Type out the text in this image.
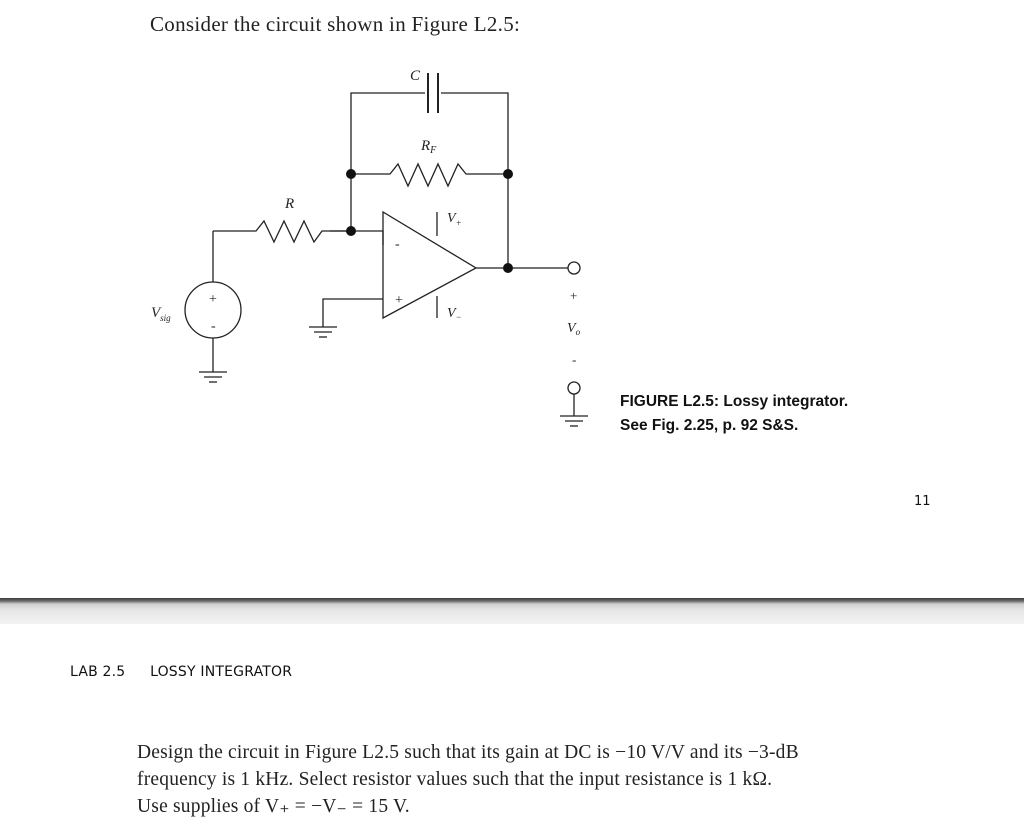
Consider the circuit shown in Figure L2.5:
C
$R_F$
R
$V_{sig}$
+
-
-
+
$V_+$
$V_-$
+
$V_o$
-
FIGURE L2.5: Lossy integrator.
See Fig. 2.25, p. 92 S&S.
11
LAB 2.5 LOSSY INTEGRATOR
Design the circuit in Figure L2.5 such that its gain at DC is −10 V/V and its −3-dB
frequency is 1 kHz. Select resistor values such that the input resistance is 1 kΩ.
Use supplies of V₊ = −V₋ = 15 V.
